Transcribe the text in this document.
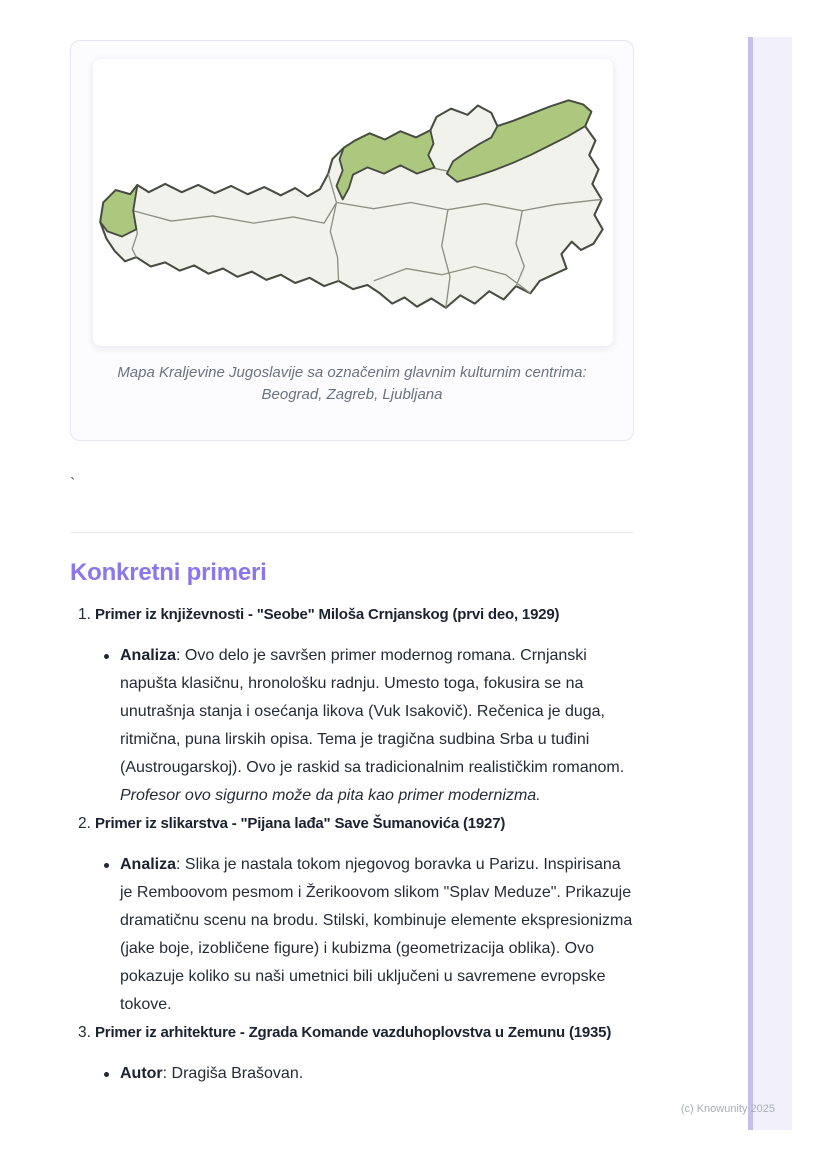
Mapa Kraljevine Jugoslavije sa označenim glavnim kulturnim centrima:
Beograd, Zagreb, Ljubljana
`
Konkretni primeri
1. Primer iz književnosti - "Seobe" Miloša Crnjanskog (prvi deo, 1929)
Analiza: Ovo delo je savršen primer modernog romana. Crnjanski napušta klasičnu, hronološku radnju. Umesto toga, fokusira se na unutrašnja stanja i osećanja likova (Vuk Isakovič). Rečenica je duga, ritmična, puna lirskih opisa. Tema je tragična sudbina Srba u tuđini (Austrougarskoj). Ovo je raskid sa tradicionalnim realističkim romanom. Profesor ovo sigurno može da pita kao primer modernizma.
2. Primer iz slikarstva - "Pijana lađa" Save Šumanovića (1927)
Analiza: Slika je nastala tokom njegovog boravka u Parizu. Inspirisana je Remboovom pesmom i Žerikoovom slikom "Splav Meduze". Prikazuje dramatičnu scenu na brodu. Stilski, kombinuje elemente ekspresionizma (jake boje, izobličene figure) i kubizma (geometrizacija oblika). Ovo pokazuje koliko su naši umetnici bili uključeni u savremene evropske tokove.
3. Primer iz arhitekture - Zgrada Komande vazduhoplovstva u Zemunu (1935)
Autor: Dragiša Brašovan.
(c) Knowunity 2025
